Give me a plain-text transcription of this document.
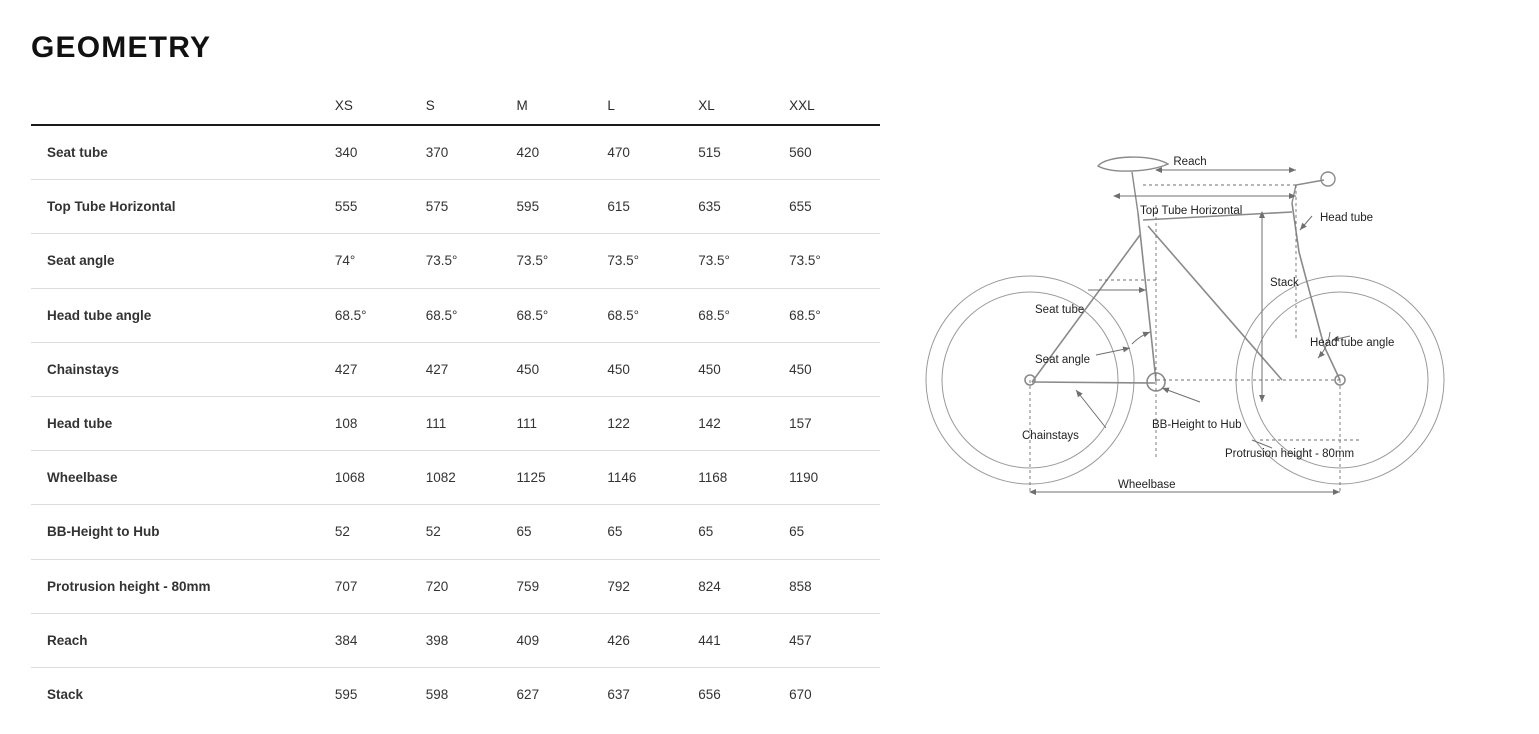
GEOMETRY
	XS	S	M	L	XL	XXL
Seat tube	340	370	420	470	515	560
Top Tube Horizontal	555	575	595	615	635	655
Seat angle	74°	73.5°	73.5°	73.5°	73.5°	73.5°
Head tube angle	68.5°	68.5°	68.5°	68.5°	68.5°	68.5°
Chainstays	427	427	450	450	450	450
Head tube	108	111	111	122	142	157
Wheelbase	1068	1082	1125	1146	1168	1190
BB-Height to Hub	52	52	65	65	65	65
Protrusion height - 80mm	707	720	759	792	824	858
Reach	384	398	409	426	441	457
Stack	595	598	627	637	656	670
Reach
Top Tube Horizontal
Head tube
Stack
Seat tube
Seat angle
Head tube angle
BB-Height to Hub
Chainstays
Protrusion height - 80mm
Wheelbase
